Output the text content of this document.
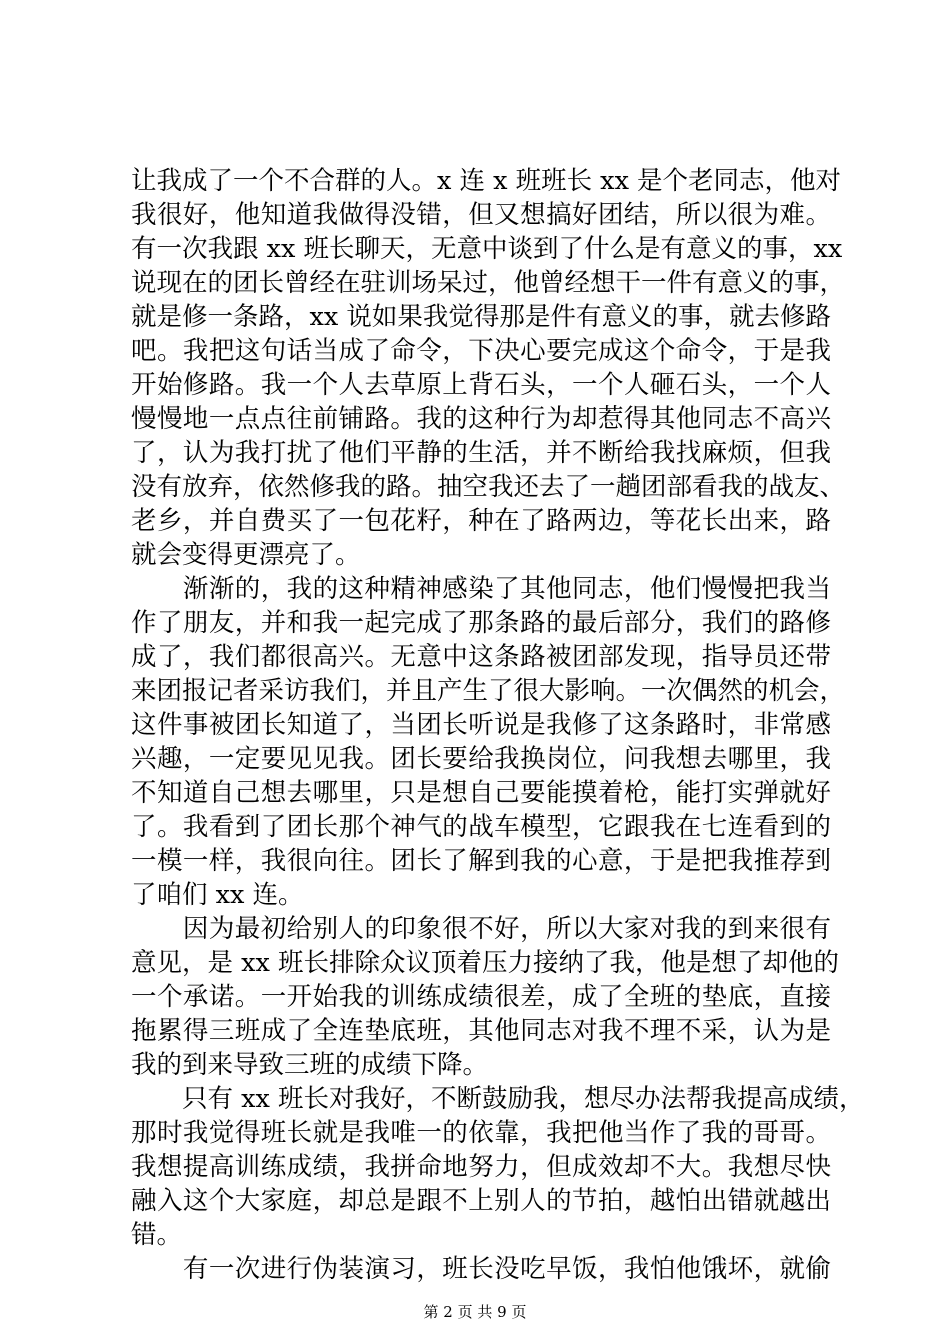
让我成了一个不合群的人。x 连 x 班班长 xx 是个老同志，他对
我很好，他知道我做得没错，但又想搞好团结，所以很为难。
有一次我跟 xx 班长聊天，无意中谈到了什么是有意义的事，xx
说现在的团长曾经在驻训场呆过，他曾经想干一件有意义的事，
就是修一条路，xx 说如果我觉得那是件有意义的事，就去修路
吧。我把这句话当成了命令，下决心要完成这个命令，于是我
开始修路。我一个人去草原上背石头，一个人砸石头，一个人
慢慢地一点点往前铺路。我的这种行为却惹得其他同志不高兴
了，认为我打扰了他们平静的生活，并不断给我找麻烦，但我
没有放弃，依然修我的路。抽空我还去了一趟团部看我的战友、
老乡，并自费买了一包花籽，种在了路两边，等花长出来，路
就会变得更漂亮了。
　　渐渐的，我的这种精神感染了其他同志，他们慢慢把我当
作了朋友，并和我一起完成了那条路的最后部分，我们的路修
成了，我们都很高兴。无意中这条路被团部发现，指导员还带
来团报记者采访我们，并且产生了很大影响。一次偶然的机会，
这件事被团长知道了，当团长听说是我修了这条路时，非常感
兴趣，一定要见见我。团长要给我换岗位，问我想去哪里，我
不知道自己想去哪里，只是想自己要能摸着枪，能打实弹就好
了。我看到了团长那个神气的战车模型，它跟我在七连看到的
一模一样，我很向往。团长了解到我的心意，于是把我推荐到
了咱们 xx 连。
　　因为最初给别人的印象很不好，所以大家对我的到来很有
意见，是 xx 班长排除众议顶着压力接纳了我，他是想了却他的
一个承诺。一开始我的训练成绩很差，成了全班的垫底，直接
拖累得三班成了全连垫底班，其他同志对我不理不采，认为是
我的到来导致三班的成绩下降。
　　只有 xx 班长对我好，不断鼓励我，想尽办法帮我提高成绩，
那时我觉得班长就是我唯一的依靠，我把他当作了我的哥哥。
我想提高训练成绩，我拼命地努力，但成效却不大。我想尽快
融入这个大家庭，却总是跟不上别人的节拍，越怕出错就越出
错。
　　有一次进行伪装演习，班长没吃早饭，我怕他饿坏，就偷
第 2 页 共 9 页
